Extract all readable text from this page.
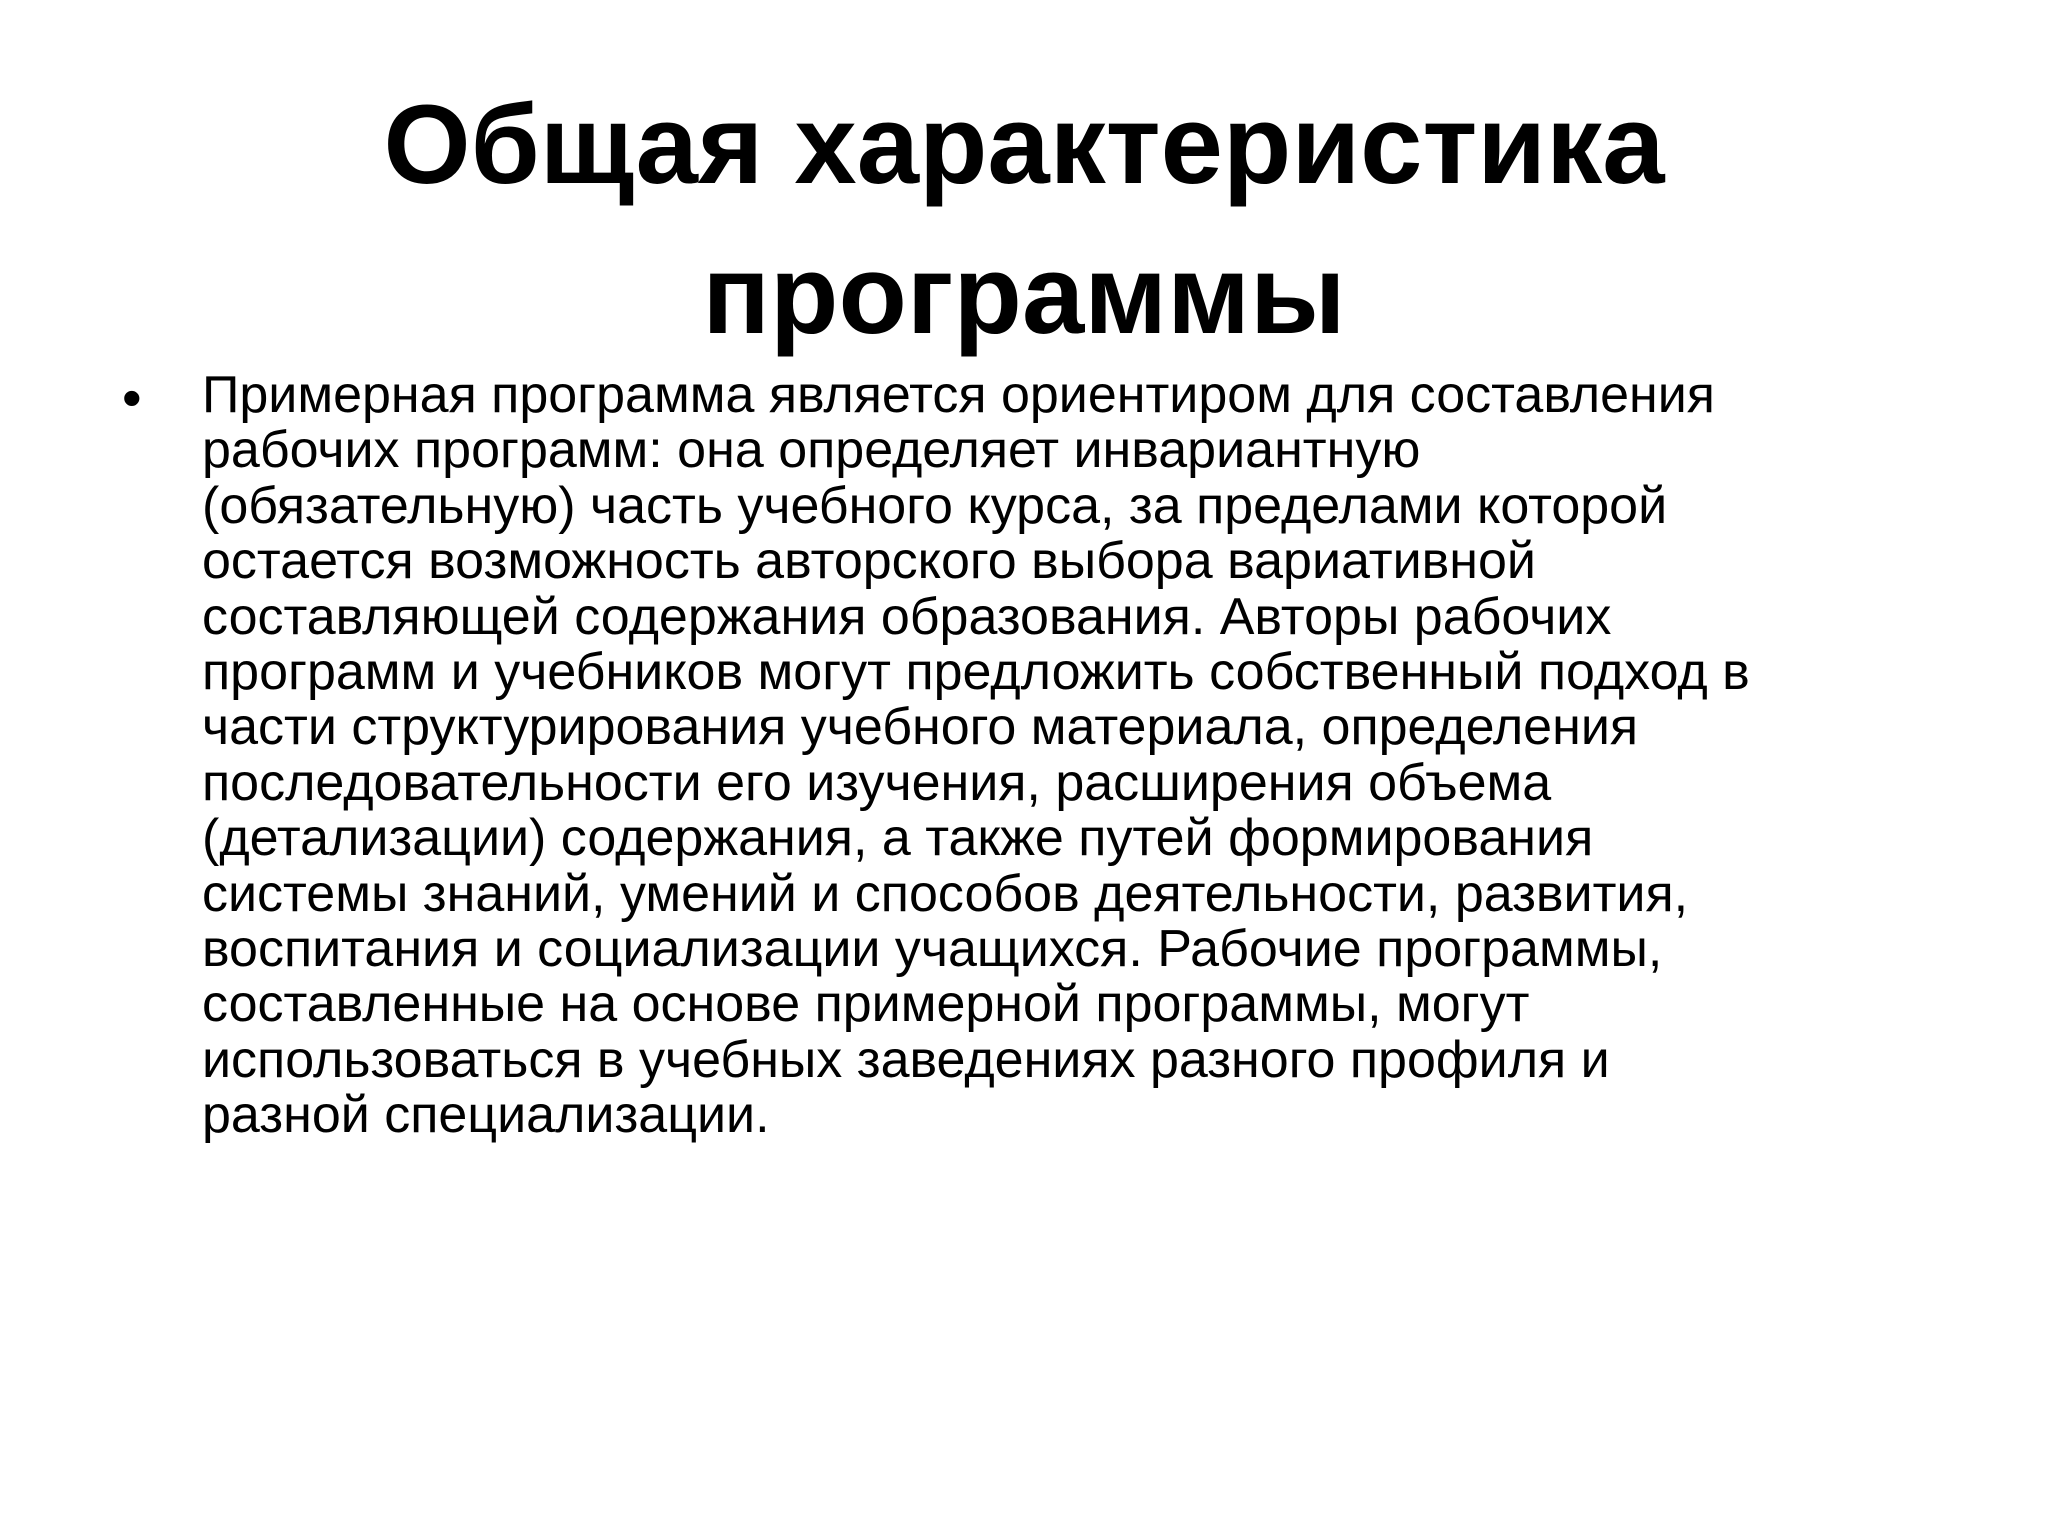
Общая характеристика
программы
• Примерная программа является ориентиром для составления
рабочих программ: она определяет инвариантную
(обязательную) часть учебного курса, за пределами которой
остается возможность авторского выбора вариативной
составляющей содержания образования. Авторы рабочих
программ и учебников могут предложить собственный подход в
части структурирования учебного материала, определения
последовательности его изучения, расширения объема
(детализации) содержания, а также путей формирования
системы знаний, умений и способов деятельности, развития,
воспитания и социализации учащихся. Рабочие программы,
составленные на основе примерной программы, могут
использоваться в учебных заведениях разного профиля и
разной специализации.
